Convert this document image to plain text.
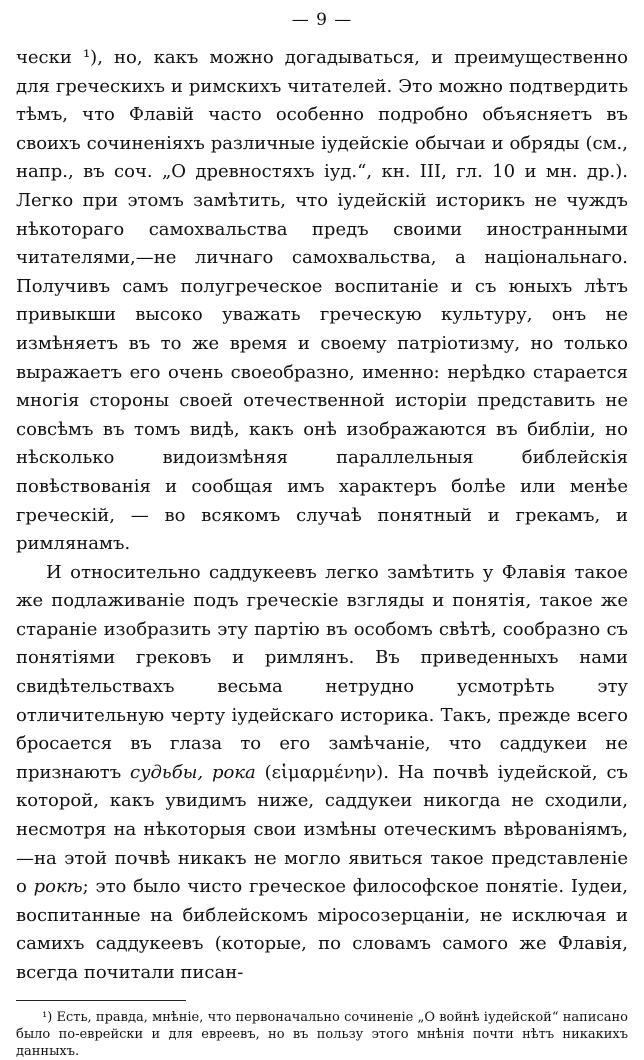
— 9 —

чески ¹), но, какъ можно догадываться, и преимущественно для греческихъ и римскихъ читателей. Это можно подтвердить тѣмъ, что Флавій часто особенно подробно объясняетъ въ своихъ сочиненіяхъ различные іудейскіе обычаи и обряды (см., напр., въ соч. „О древностяхъ іуд.“, кн. III, гл. 10 и мн. др.). Легко при этомъ замѣтить, что іудейскій историкъ не чуждъ нѣкотораго самохвальства предъ своими иностранными читателями,—не личнаго самохвальства, а національнаго. Получивъ самъ полугреческое воспитаніе и съ юныхъ лѣтъ привыкши высоко уважать греческую культуру, онъ не измѣняетъ въ то же время и своему патріотизму, но только выражаетъ его очень своеобразно, именно: нерѣдко старается многія стороны своей отечественной исторіи представить не совсѣмъ въ томъ видѣ, какъ онѣ изображаются въ библіи, но нѣсколько видоизмѣняя параллельныя библейскія повѣствованія и сообщая имъ характеръ болѣе или менѣе греческій, — во всякомъ случаѣ понятный и грекамъ, и римлянамъ.

И относительно саддукеевъ легко замѣтить у Флавія такое же подлаживаніе подъ греческіе взгляды и понятія, такое же стараніе изобразить эту партію въ особомъ свѣтѣ, сообразно съ понятіями грековъ и римлянъ. Въ приведенныхъ нами свидѣтельствахъ весьма нетрудно усмотрѣть эту отличительную черту іудейскаго историка. Такъ, прежде всего бросается въ глаза то его замѣчаніе, что саддукеи не признаютъ судьбы, рока (εἱμαρμένην). На почвѣ іудейской, съ которой, какъ увидимъ ниже, саддукеи никогда не сходили, несмотря на нѣкоторыя свои измѣны отеческимъ вѣрованіямъ,—на этой почвѣ никакъ не могло явиться такое представленіе о рокѣ; это было чисто греческое философское понятіе. Іудеи, воспитанные на библейскомъ міросозерцаніи, не исключая и самихъ саддукеевъ (которые, по словамъ самого же Флавія, всегда почитали писан-

¹) Есть, правда, мнѣніе, что первоначально сочиненіе „О войнѣ іудейской“ написано было по-еврейски и для евреевъ, но въ пользу этого мнѣнія почти нѣтъ никакихъ данныхъ.
